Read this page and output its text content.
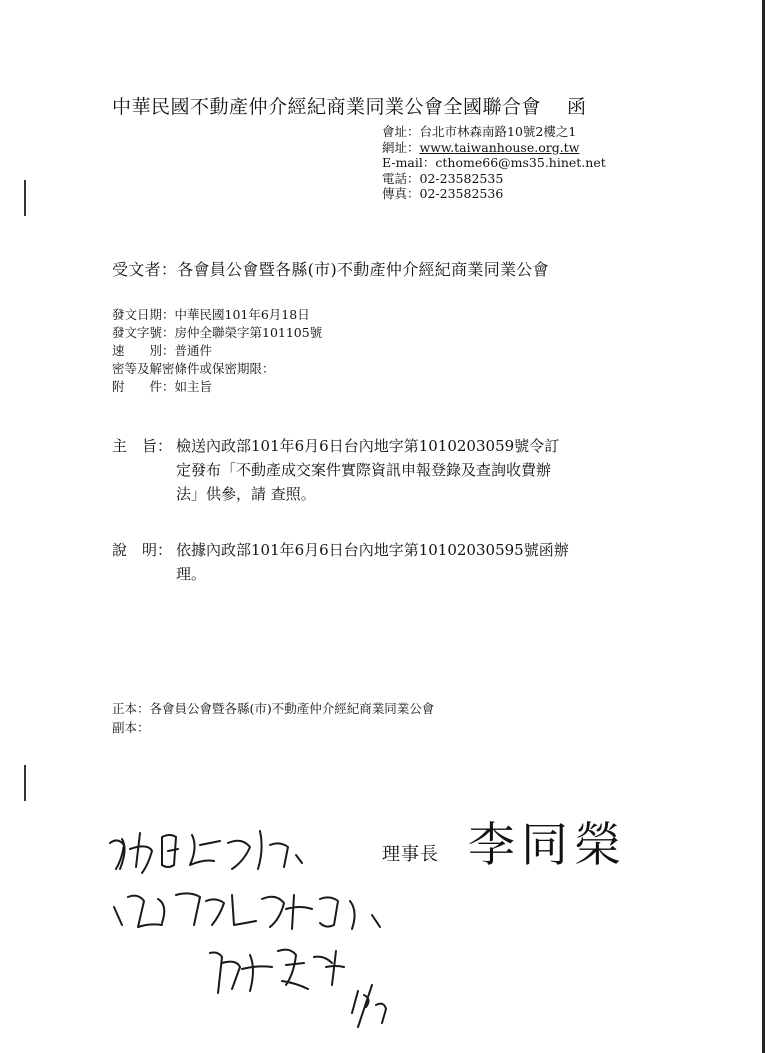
中華民國不動產仲介經紀商業同業公會全國聯合會 函
會址：台北市林森南路10號2樓之1
網址：www.taiwanhouse.org.tw
E-mail：cthome66@ms35.hinet.net
電話：02-23582535
傳真：02-23582536
受文者：各會員公會暨各縣(市)不動產仲介經紀商業同業公會
發文日期：中華民國101年6月18日
發文字號：房仲全聯榮字第101105號
速　　別：普通件
密等及解密條件或保密期限：
附　　件：如主旨
主　旨： 檢送內政部101年6月6日台內地字第1010203059號令訂
定發布「不動產成交案件實際資訊申報登錄及查詢收費辦
法」供參，請 查照。
說　明： 依據內政部101年6月6日台內地字第10102030595號函辦
理。
正本：各會員公會暨各縣(市)不動產仲介經紀商業同業公會
副本：
理事長 李同榮
